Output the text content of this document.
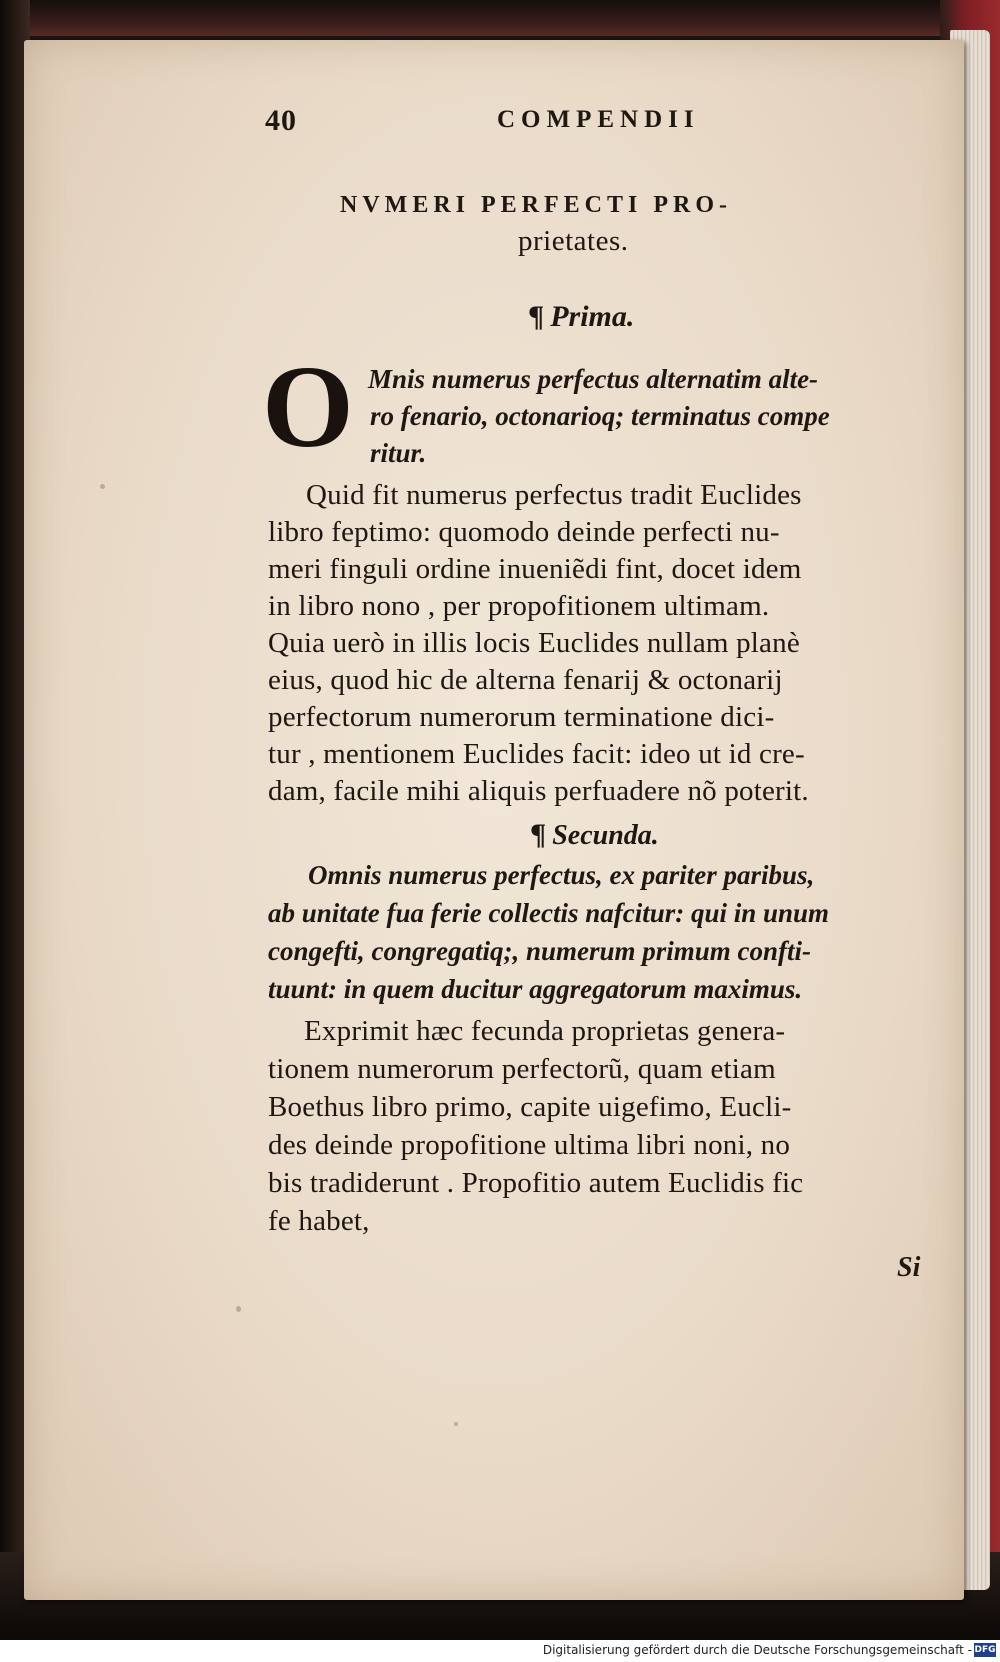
40	COMPENDII
NVMERI PERFECTI PRO-
prietates.
¶ Prima.
O Mnis numerus perfectus alternatim alte-
ro fenario, octonarioq; terminatus compe
ritur.
Quid fit numerus perfectus tradit Euclides
libro feptimo: quomodo deinde perfecti nu-
meri finguli ordine inueniẽdi fint, docet idem
in libro nono , per propofitionem ultimam.
Quia uerò in illis locis Euclides nullam planè
eius, quod hic de alterna fenarij & octonarij
perfectorum numerorum terminatione dici-
tur , mentionem Euclides facit: ideo ut id cre-
dam, facile mihi aliquis perfuadere nõ poterit.
¶ Secunda.
Omnis numerus perfectus, ex pariter paribus,
ab unitate fua ferie collectis nafcitur: qui in unum
congefti, congregatiq;, numerum primum confti-
tuunt: in quem ducitur aggregatorum maximus.
Exprimit hæc fecunda proprietas genera-
tionem numerorum perfectorũ, quam etiam
Boethus libro primo, capite uigefimo, Eucli-
des deinde propofitione ultima libri noni, no
bis tradiderunt . Propofitio autem Euclidis fic
fe habet,
Si
Digitalisierung gefördert durch die Deutsche Forschungsgemeinschaft - DFG
